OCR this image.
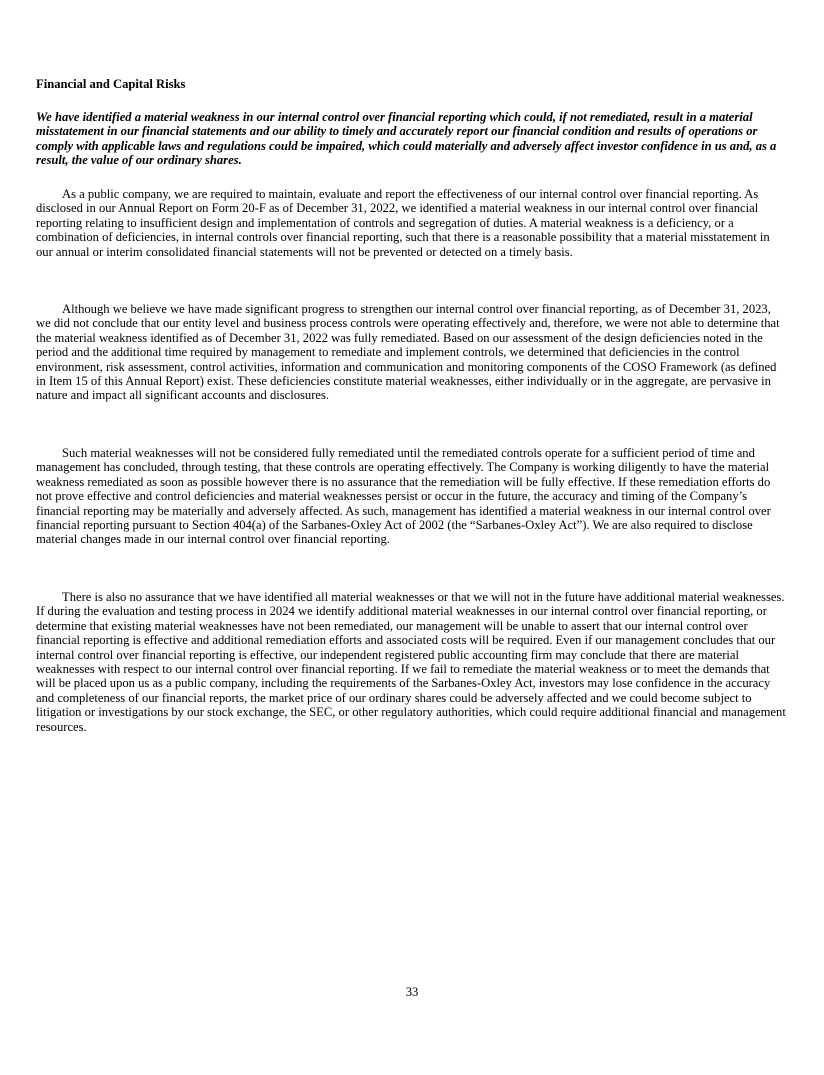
Financial and Capital Risks

We have identified a material weakness in our internal control over financial reporting which could, if not remediated, result in a material misstatement in our financial statements and our ability to timely and accurately report our financial condition and results of operations or comply with applicable laws and regulations could be impaired, which could materially and adversely affect investor confidence in us and, as a result, the value of our ordinary shares.

As a public company, we are required to maintain, evaluate and report the effectiveness of our internal control over financial reporting. As disclosed in our Annual Report on Form 20-F as of December 31, 2022, we identified a material weakness in our internal control over financial reporting relating to insufficient design and implementation of controls and segregation of duties. A material weakness is a deficiency, or a combination of deficiencies, in internal controls over financial reporting, such that there is a reasonable possibility that a material misstatement in our annual or interim consolidated financial statements will not be prevented or detected on a timely basis.

Although we believe we have made significant progress to strengthen our internal control over financial reporting, as of December 31, 2023, we did not conclude that our entity level and business process controls were operating effectively and, therefore, we were not able to determine that the material weakness identified as of December 31, 2022 was fully remediated. Based on our assessment of the design deficiencies noted in the period and the additional time required by management to remediate and implement controls, we determined that deficiencies in the control environment, risk assessment, control activities, information and communication and monitoring components of the COSO Framework (as defined in Item 15 of this Annual Report) exist. These deficiencies constitute material weaknesses, either individually or in the aggregate, are pervasive in nature and impact all significant accounts and disclosures.

Such material weaknesses will not be considered fully remediated until the remediated controls operate for a sufficient period of time and management has concluded, through testing, that these controls are operating effectively. The Company is working diligently to have the material weakness remediated as soon as possible however there is no assurance that the remediation will be fully effective. If these remediation efforts do not prove effective and control deficiencies and material weaknesses persist or occur in the future, the accuracy and timing of the Company’s financial reporting may be materially and adversely affected. As such, management has identified a material weakness in our internal control over financial reporting pursuant to Section 404(a) of the Sarbanes-Oxley Act of 2002 (the “Sarbanes-Oxley Act”). We are also required to disclose material changes made in our internal control over financial reporting.

There is also no assurance that we have identified all material weaknesses or that we will not in the future have additional material weaknesses. If during the evaluation and testing process in 2024 we identify additional material weaknesses in our internal control over financial reporting, or determine that existing material weaknesses have not been remediated, our management will be unable to assert that our internal control over financial reporting is effective and additional remediation efforts and associated costs will be required. Even if our management concludes that our internal control over financial reporting is effective, our independent registered public accounting firm may conclude that there are material weaknesses with respect to our internal control over financial reporting. If we fail to remediate the material weakness or to meet the demands that will be placed upon us as a public company, including the requirements of the Sarbanes-Oxley Act, investors may lose confidence in the accuracy and completeness of our financial reports, the market price of our ordinary shares could be adversely affected and we could become subject to litigation or investigations by our stock exchange, the SEC, or other regulatory authorities, which could require additional financial and management resources.

33
